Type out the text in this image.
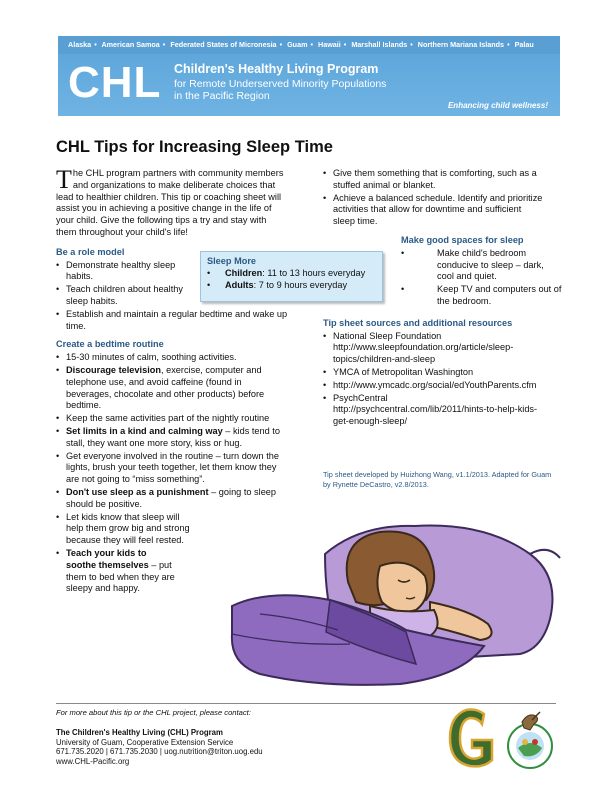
Alaska • American Samoa • Federated States of Micronesia • Guam • Hawaii • Marshall Islands • Northern Mariana Islands • Palau
CHL Children's Healthy Living Program
for Remote Underserved Minority Populations
in the Pacific Region
Enhancing child wellness!
CHL Tips for Increasing Sleep Time

The CHL program partners with community members and organizations to make deliberate choices that lead to healthier children. This tip or coaching sheet will assist you in achieving a positive change in the life of your child. Give the following tips a try and stay with them throughout your child's life!

Be a role model
• Demonstrate healthy sleep habits.
• Teach children about healthy sleep habits.
• Establish and maintain a regular bedtime and wake up time.
Create a bedtime routine
• 15-30 minutes of calm, soothing activities.
• Discourage television, exercise, computer and telephone use, and avoid caffeine (found in beverages, chocolate and other products) before bedtime.
• Keep the same activities part of the nightly routine
• Set limits in a kind and calming way – kids tend to stall, they want one more story, kiss or hug.
• Get everyone involved in the routine – turn down the lights, brush your teeth together, let them know they are not going to “miss something”.
• Don't use sleep as a punishment – going to sleep should be positive.
• Let kids know that sleep will help them grow big and strong because they will feel rested.
• Teach your kids to soothe themselves – put them to bed when they are sleepy and happy.
Sleep More
• Children: 11 to 13 hours everyday
• Adults: 7 to 9 hours everyday
• Give them something that is comforting, such as a stuffed animal or blanket.
• Achieve a balanced schedule. Identify and prioritize activities that allow for downtime and sufficient sleep time.
Make good spaces for sleep
• Make child's bedroom conducive to sleep – dark, cool and quiet.
• Keep TV and computers out of the bedroom.
Tip sheet sources and additional resources
• National Sleep Foundation
http://www.sleepfoundation.org/article/sleep-topics/children-and-sleep
• YMCA of Metropolitan Washington
• http://www.ymcadc.org/social/edYouthParents.cfm
• PsychCentral
http://psychcentral.com/lib/2011/hints-to-help-kids-get-enough-sleep/
Tip sheet developed by Huizhong Wang, v1.1/2013. Adapted for Guam by Rynette DeCastro, v2.8/2013.
For more about this tip or the CHL project, please contact:
The Children's Healthy Living (CHL) Program
University of Guam, Cooperative Extension Service
671.735.2020 | 671.735.2030 | uog.nutrition@triton.uog.edu
www.CHL-Pacific.org
